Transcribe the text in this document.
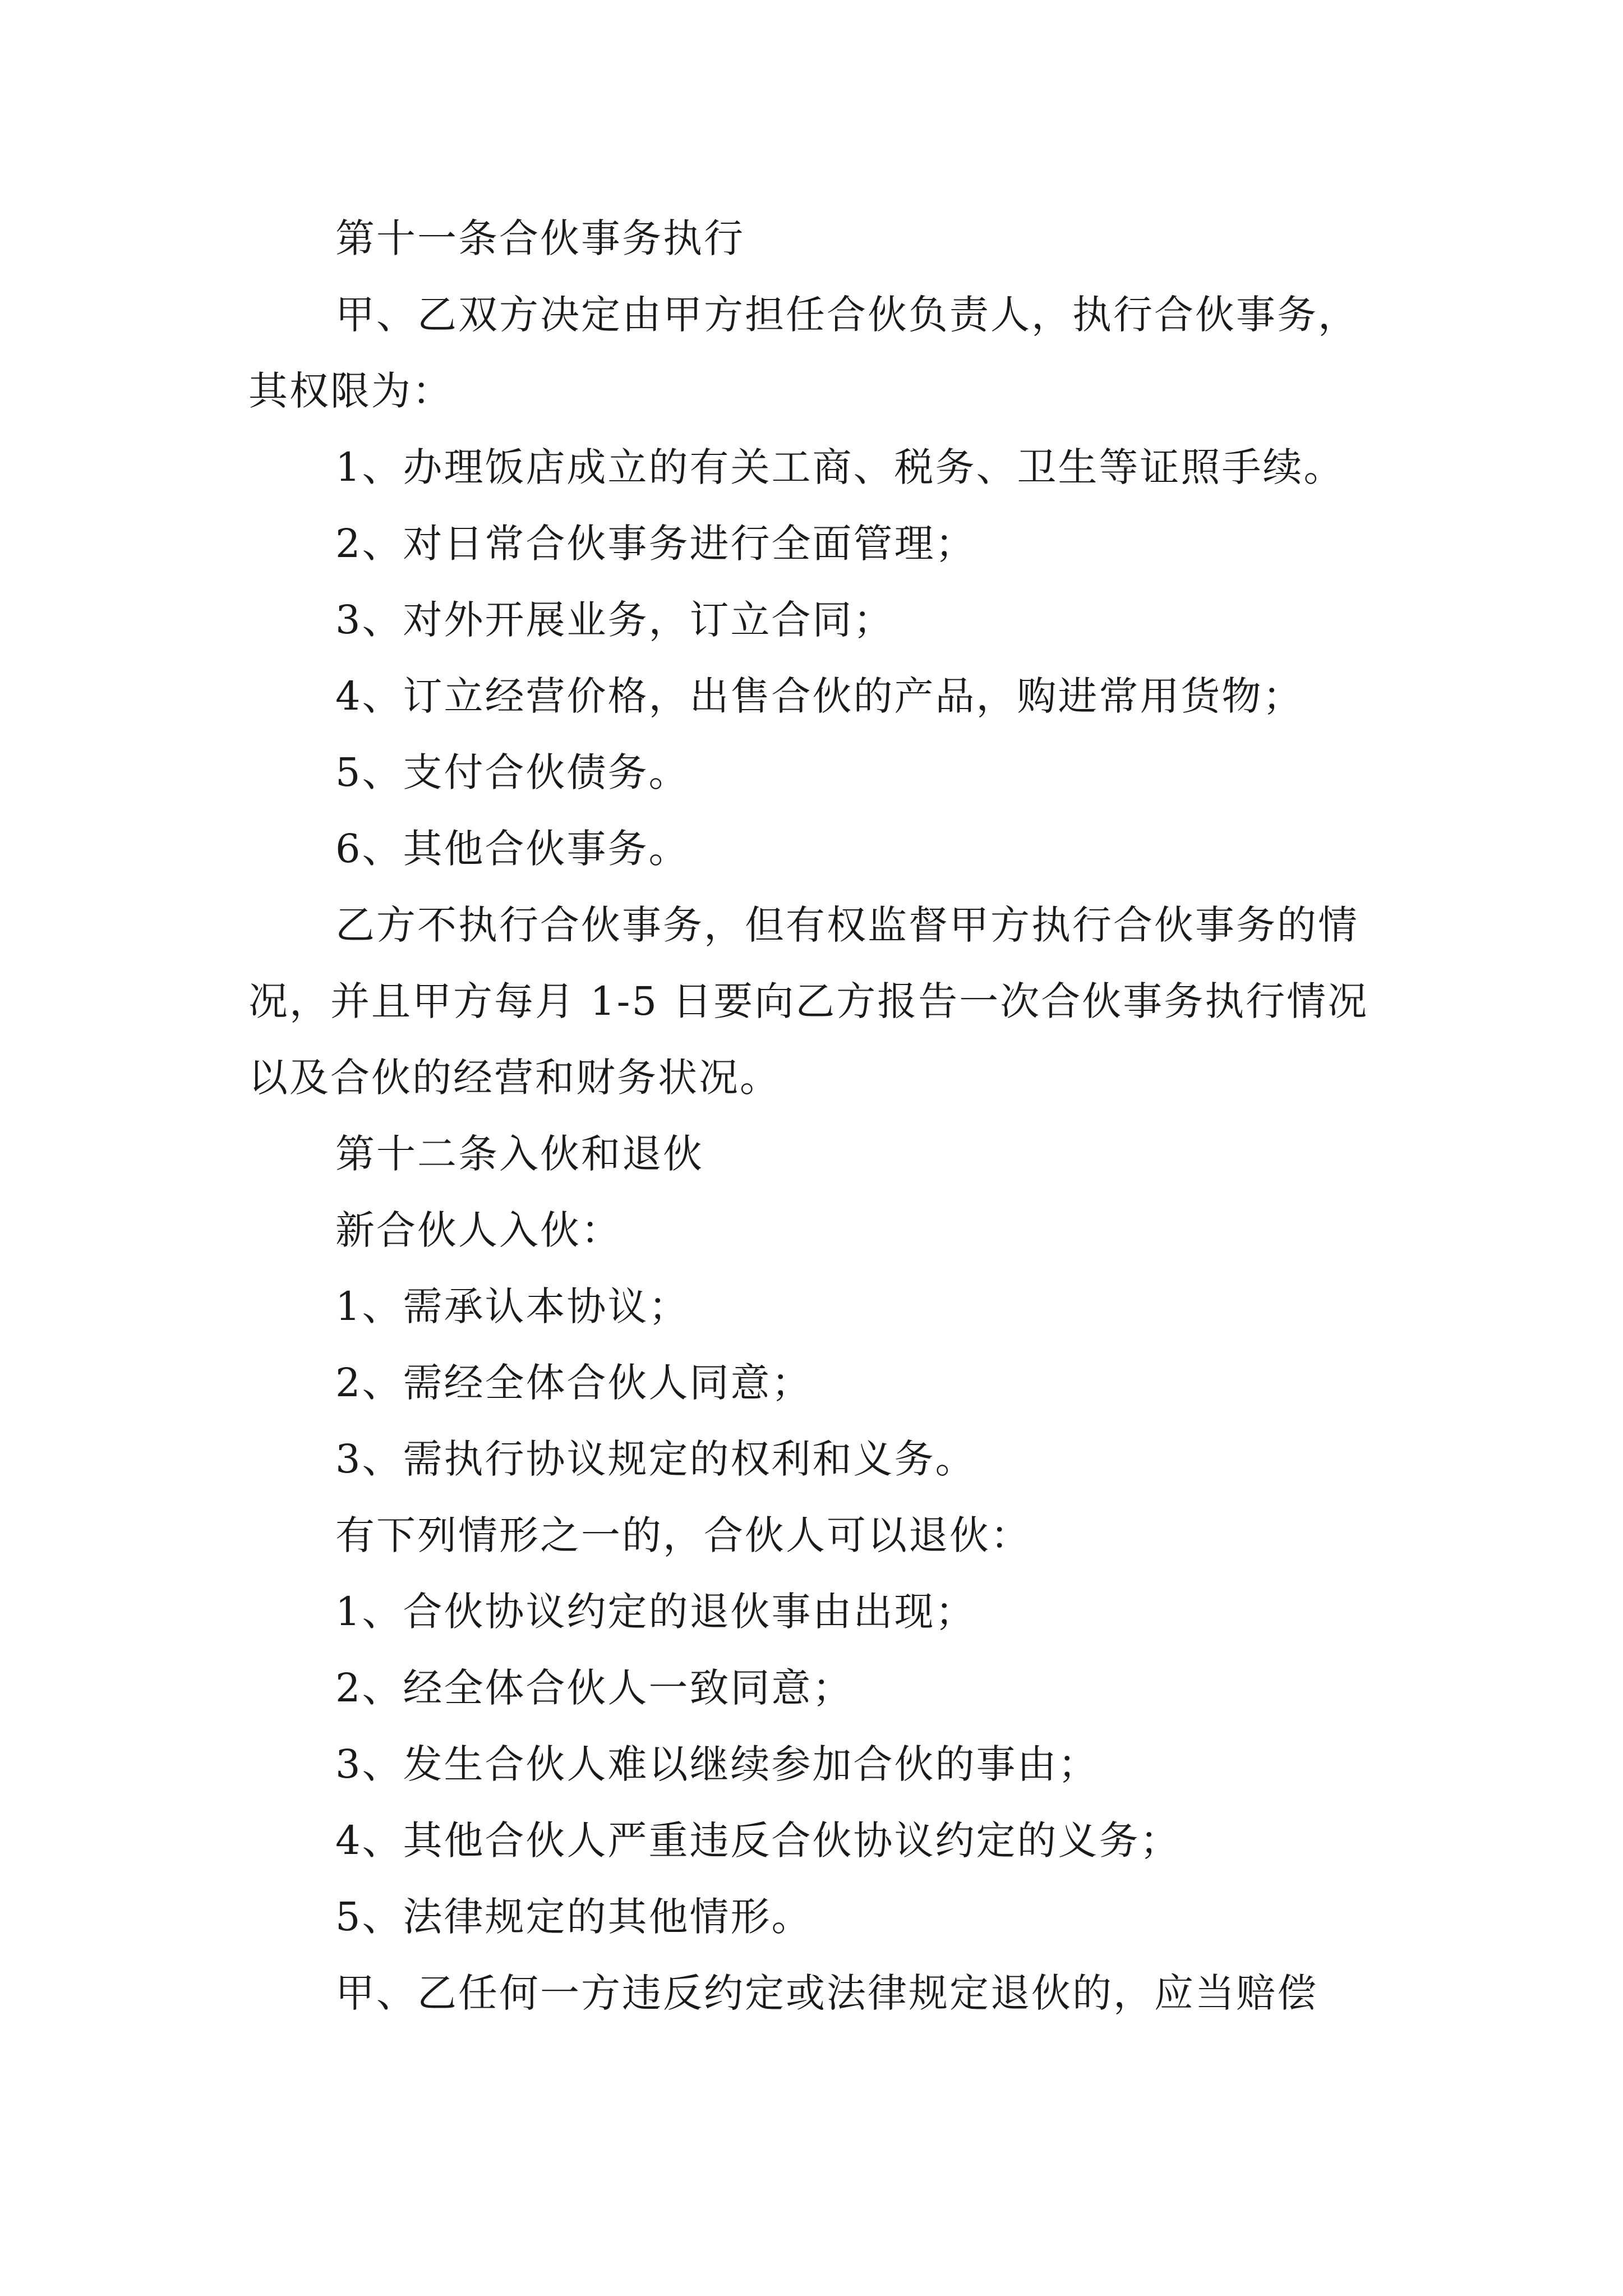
第十一条合伙事务执行

甲、乙双方决定由甲方担任合伙负责人，执行合伙事务，其权限为：

1、办理饭店成立的有关工商、税务、卫生等证照手续。

2、对日常合伙事务进行全面管理；

3、对外开展业务，订立合同；

4、订立经营价格，出售合伙的产品，购进常用货物；

5、支付合伙债务。

6、其他合伙事务。

乙方不执行合伙事务，但有权监督甲方执行合伙事务的情况，并且甲方每月 1-5 日要向乙方报告一次合伙事务执行情况以及合伙的经营和财务状况。

第十二条入伙和退伙

新合伙人入伙：

1、需承认本协议；

2、需经全体合伙人同意；

3、需执行协议规定的权利和义务。

有下列情形之一的，合伙人可以退伙：

1、合伙协议约定的退伙事由出现；

2、经全体合伙人一致同意；

3、发生合伙人难以继续参加合伙的事由；

4、其他合伙人严重违反合伙协议约定的义务；

5、法律规定的其他情形。

甲、乙任何一方违反约定或法律规定退伙的，应当赔偿
